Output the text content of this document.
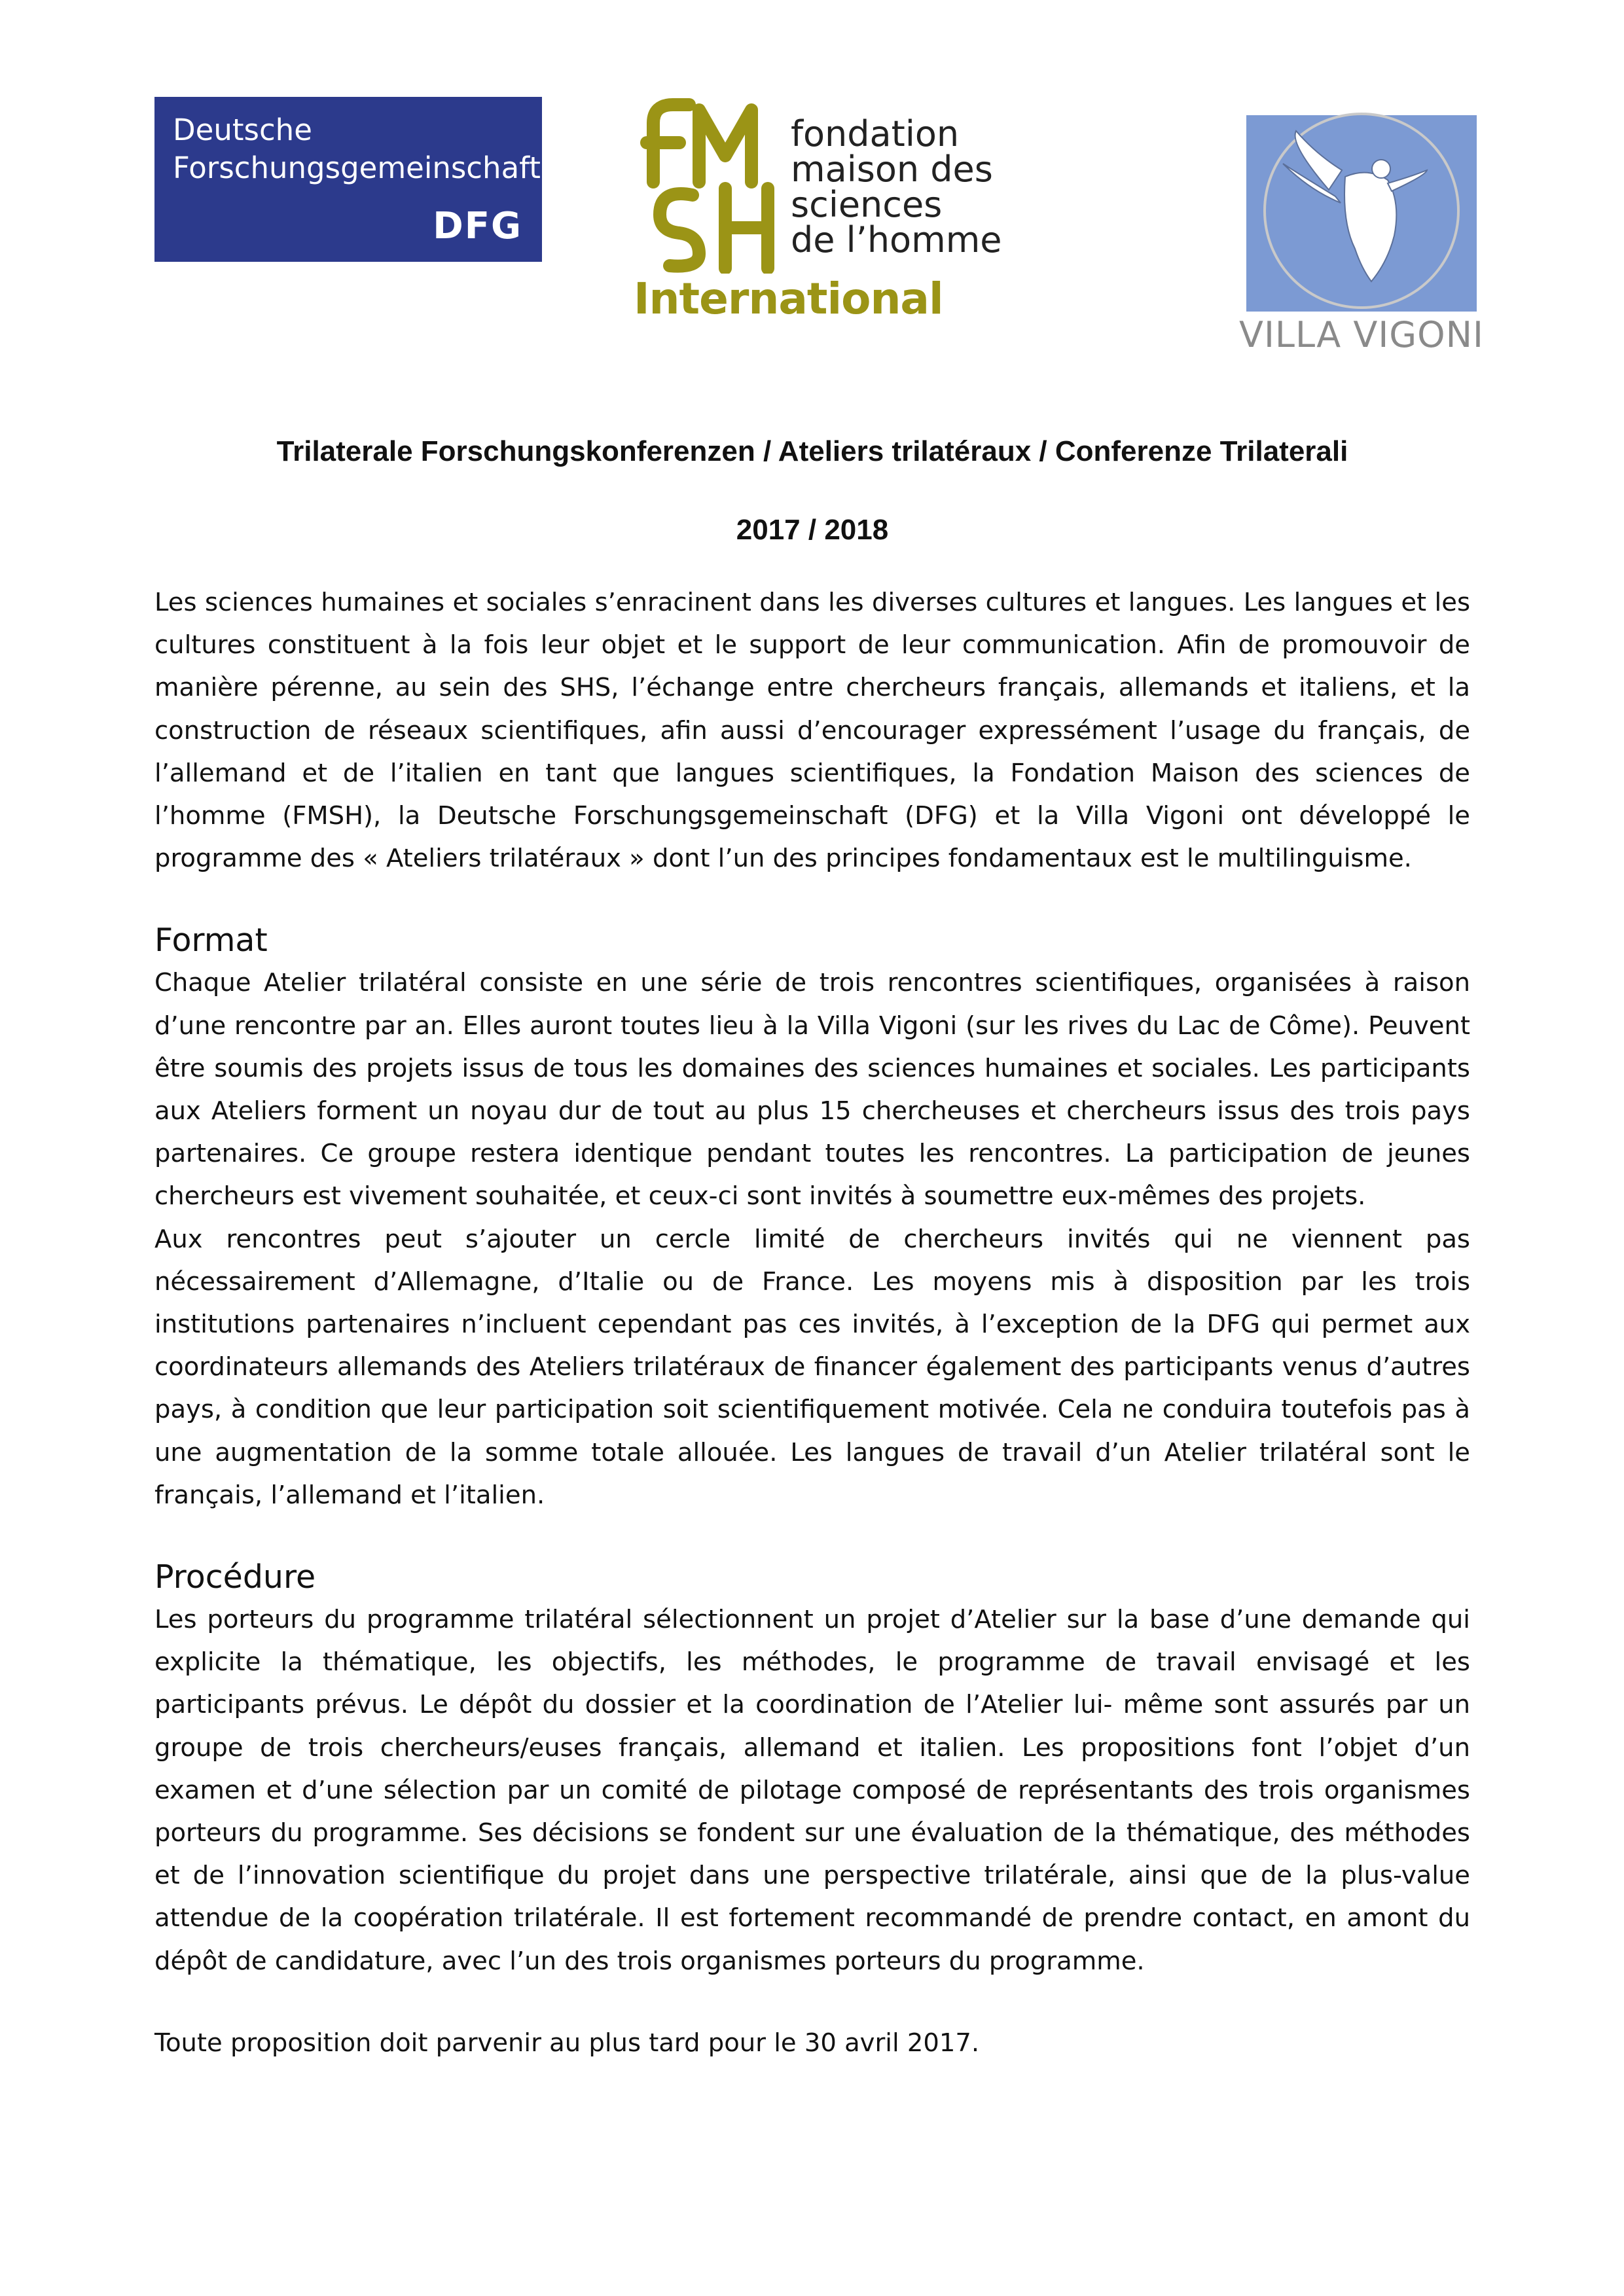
Deutsche
Forschungsgemeinschaft
DFG
fondation
maison des
sciences
de l’homme
International
VILLA VIGONI
Trilaterale Forschungskonferenzen / Ateliers trilatéraux / Conferenze Trilaterali
2017 / 2018

Les sciences humaines et sociales s’enracinent dans les diverses cultures et langues. Les langues et les cultures constituent à la fois leur objet et le support de leur communication. Afin de promouvoir de manière pérenne, au sein des SHS, l’échange entre chercheurs français, allemands et italiens, et la construction de réseaux scientifiques, afin aussi d’encourager expressément l’usage du français, de l’allemand et de l’italien en tant que langues scientifiques, la Fondation Maison des sciences de l’homme (FMSH), la Deutsche Forschungsgemeinschaft (DFG) et la Villa Vigoni ont développé le programme des « Ateliers trilatéraux » dont l’un des principes fondamentaux est le multilinguisme.

Format

Chaque Atelier trilatéral consiste en une série de trois rencontres scientifiques, organisées à raison d’une rencontre par an. Elles auront toutes lieu à la Villa Vigoni (sur les rives du Lac de Côme). Peuvent être soumis des projets issus de tous les domaines des sciences humaines et sociales. Les participants aux Ateliers forment un noyau dur de tout au plus 15 chercheuses et chercheurs issus des trois pays partenaires. Ce groupe restera identique pendant toutes les rencontres. La participation de jeunes chercheurs est vivement souhaitée, et ceux-ci sont invités à soumettre eux-mêmes des projets.

Aux rencontres peut s’ajouter un cercle limité de chercheurs invités qui ne viennent pas nécessairement d’Allemagne, d’Italie ou de France. Les moyens mis à disposition par les trois institutions partenaires n’incluent cependant pas ces invités, à l’exception de la DFG qui permet aux coordinateurs allemands des Ateliers trilatéraux de financer également des participants venus d’autres pays, à condition que leur participation soit scientifiquement motivée. Cela ne conduira toutefois pas à une augmentation de la somme totale allouée. Les langues de travail d’un Atelier trilatéral sont le français, l’allemand et l’italien.

Procédure

Les porteurs du programme trilatéral sélectionnent un projet d’Atelier sur la base d’une demande qui explicite la thématique, les objectifs, les méthodes, le programme de travail envisagé et les participants prévus. Le dépôt du dossier et la coordination de l’Atelier lui- même sont assurés par un groupe de trois chercheurs/euses français, allemand et italien. Les propositions font l’objet d’un examen et d’une sélection par un comité de pilotage composé de représentants des trois organismes porteurs du programme. Ses décisions se fondent sur une évaluation de la thématique, des méthodes et de l’innovation scientifique du projet dans une perspective trilatérale, ainsi que de la plus-value attendue de la coopération trilatérale. Il est fortement recommandé de prendre contact, en amont du dépôt de candidature, avec l’un des trois organismes porteurs du programme.

Toute proposition doit parvenir au plus tard pour le 30 avril 2017.
